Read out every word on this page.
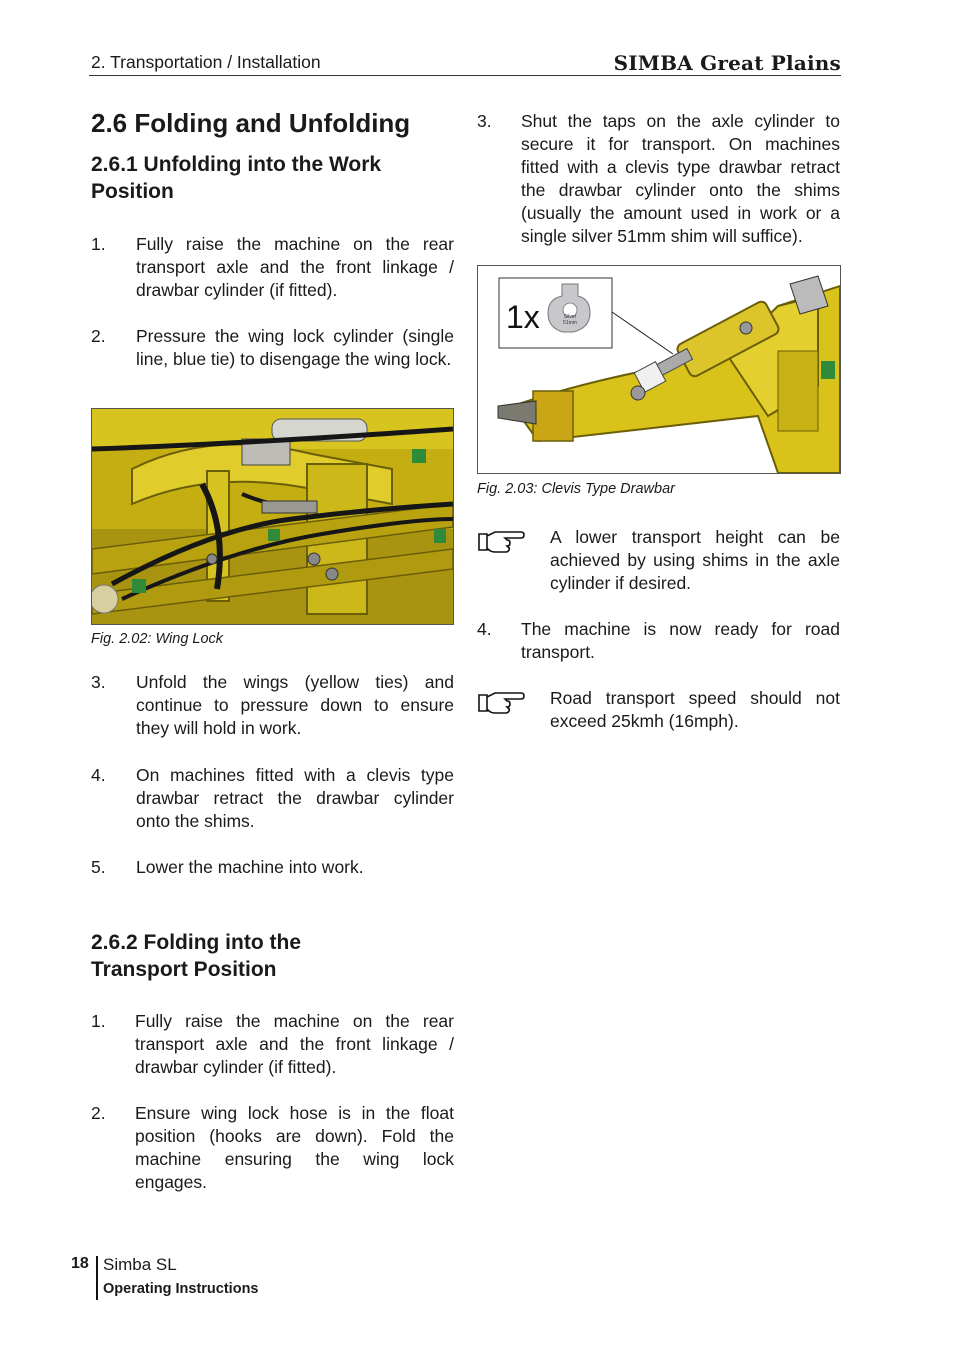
2. Transportation / Installation	SIMBA Great Plains
2.6 Folding and Unfolding
2.6.1 Unfolding into the Work Position
1. Fully raise the machine on the rear transport axle and the front linkage / drawbar cylinder (if fitted).
2. Pressure the wing lock cylinder (single line, blue tie) to disengage the wing lock.
Fig. 2.02: Wing Lock
3. Unfold the wings (yellow ties) and continue to pressure down to ensure they will hold in work.
4. On machines fitted with a clevis type drawbar retract the drawbar cylinder onto the shims.
5. Lower the machine into work.
2.6.2 Folding into the Transport Position
1. Fully raise the machine on the rear transport axle and the front linkage / drawbar cylinder (if fitted).
2. Ensure wing lock hose is in the float position (hooks are down). Fold the machine ensuring the wing lock engages.
3. Shut the taps on the axle cylinder to secure it for transport. On machines fitted with a clevis type drawbar retract the drawbar cylinder onto the shims (usually the amount used in work or a single silver 51mm shim will suffice).
1x	Silver
51mm
Fig. 2.03: Clevis Type Drawbar
A lower transport height can be achieved by using shims in the axle cylinder if desired.
4. The machine is now ready for road transport.
Road transport speed should not exceed 25kmh (16mph).
18 Simba SL
Operating Instructions
